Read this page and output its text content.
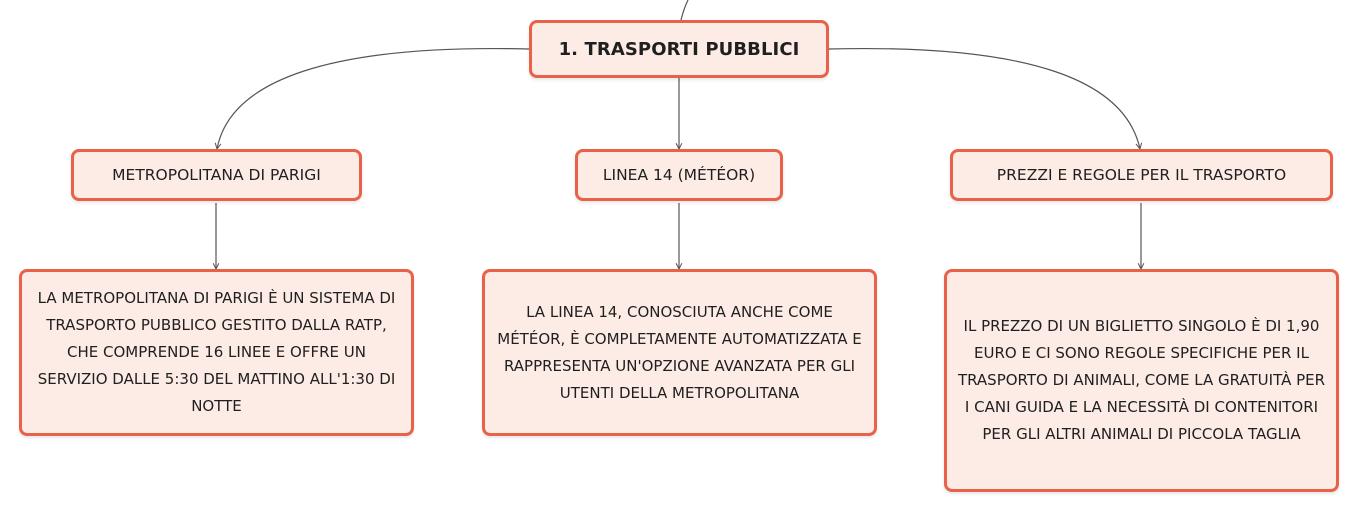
1. TRASPORTI PUBBLICI
METROPOLITANA DI PARIGI	LINEA 14 (MÉTÉOR)	PREZZI E REGOLE PER IL TRASPORTO
LA METROPOLITANA DI PARIGI È UN SISTEMA DI TRASPORTO PUBBLICO GESTITO DALLA RATP, CHE COMPRENDE 16 LINEE E OFFRE UN SERVIZIO DALLE 5:30 DEL MATTINO ALL'1:30 DI NOTTE
LA LINEA 14, CONOSCIUTA ANCHE COME MÉTÉOR, È COMPLETAMENTE AUTOMATIZZATA E RAPPRESENTA UN'OPZIONE AVANZATA PER GLI UTENTI DELLA METROPOLITANA
IL PREZZO DI UN BIGLIETTO SINGOLO È DI 1,90 EURO E CI SONO REGOLE SPECIFICHE PER IL TRASPORTO DI ANIMALI, COME LA GRATUITÀ PER I CANI GUIDA E LA NECESSITÀ DI CONTENITORI PER GLI ALTRI ANIMALI DI PICCOLA TAGLIA
